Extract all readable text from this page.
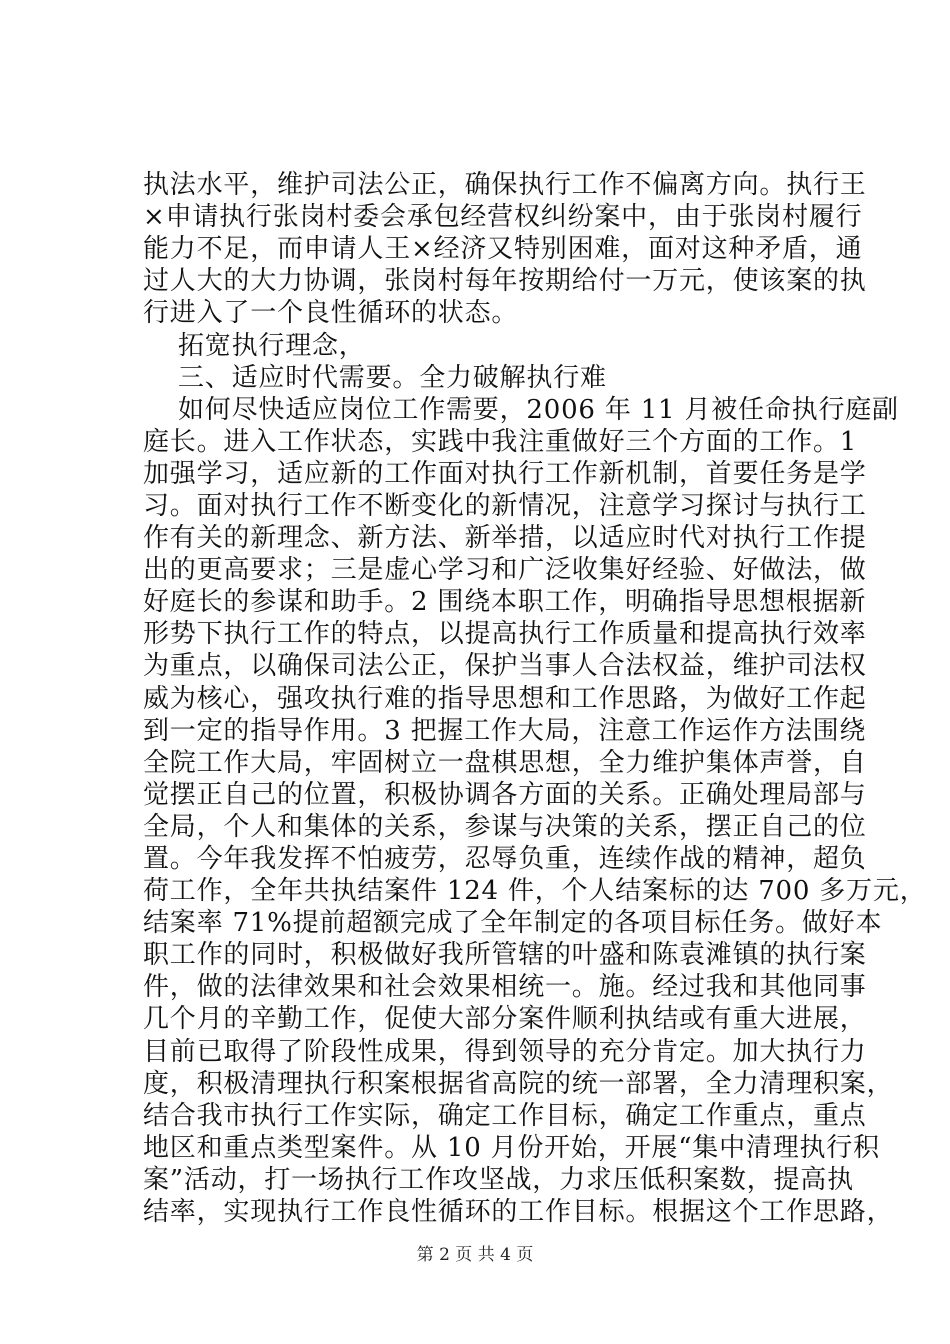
执法水平，维护司法公正，确保执行工作不偏离方向。执行王
×申请执行张岗村委会承包经营权纠纷案中，由于张岗村履行
能力不足，而申请人王×经济又特别困难，面对这种矛盾，通
过人大的大力协调，张岗村每年按期给付一万元，使该案的执
行进入了一个良性循环的状态。
拓宽执行理念，
三、适应时代需要。全力破解执行难
如何尽快适应岗位工作需要，2006 年 11 月被任命执行庭副
庭长。进入工作状态，实践中我注重做好三个方面的工作。1
加强学习，适应新的工作面对执行工作新机制，首要任务是学
习。面对执行工作不断变化的新情况，注意学习探讨与执行工
作有关的新理念、新方法、新举措，以适应时代对执行工作提
出的更高要求；三是虚心学习和广泛收集好经验、好做法，做
好庭长的参谋和助手。2 围绕本职工作，明确指导思想根据新
形势下执行工作的特点，以提高执行工作质量和提高执行效率
为重点，以确保司法公正，保护当事人合法权益，维护司法权
威为核心，强攻执行难的指导思想和工作思路，为做好工作起
到一定的指导作用。3 把握工作大局，注意工作运作方法围绕
全院工作大局，牢固树立一盘棋思想，全力维护集体声誉，自
觉摆正自己的位置，积极协调各方面的关系。正确处理局部与
全局，个人和集体的关系，参谋与决策的关系，摆正自己的位
置。今年我发挥不怕疲劳，忍辱负重，连续作战的精神，超负
荷工作，全年共执结案件 124 件，个人结案标的达 700 多万元，
结案率 71%提前超额完成了全年制定的各项目标任务。做好本
职工作的同时，积极做好我所管辖的叶盛和陈袁滩镇的执行案
件，做的法律效果和社会效果相统一。施。经过我和其他同事
几个月的辛勤工作，促使大部分案件顺利执结或有重大进展，
目前已取得了阶段性成果，得到领导的充分肯定。加大执行力
度，积极清理执行积案根据省高院的统一部署，全力清理积案，
结合我市执行工作实际，确定工作目标，确定工作重点，重点
地区和重点类型案件。从 10 月份开始，开展“集中清理执行积
案”活动，打一场执行工作攻坚战，力求压低积案数，提高执
结率，实现执行工作良性循环的工作目标。根据这个工作思路，
第 2 页 共 4 页
